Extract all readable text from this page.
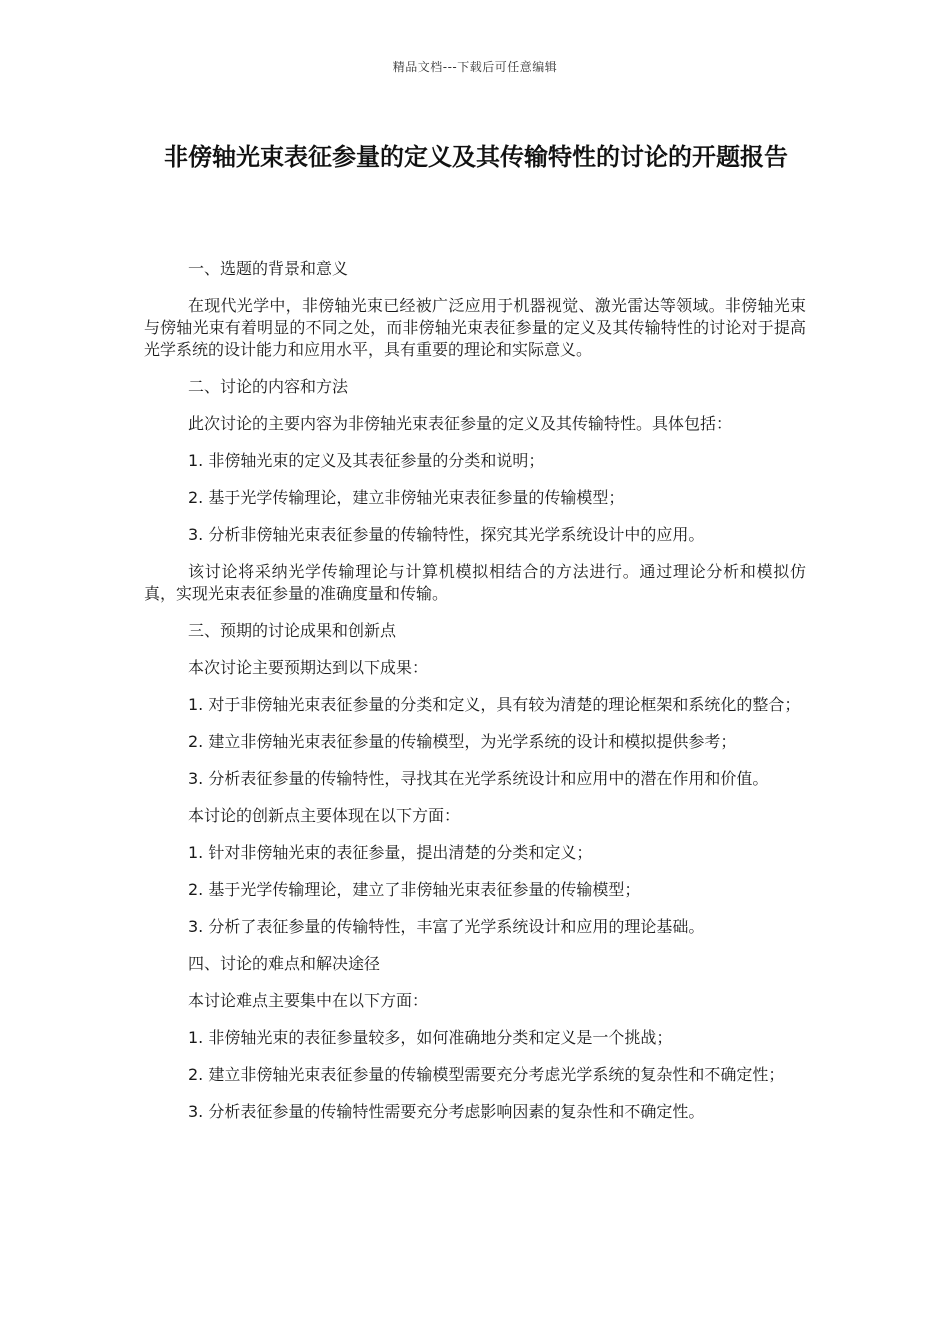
精品文档---下载后可任意编辑
非傍轴光束表征参量的定义及其传输特性的讨论的开题报告
一、选题的背景和意义

在现代光学中，非傍轴光束已经被广泛应用于机器视觉、激光雷达等领域。非傍轴光束与傍轴光束有着明显的不同之处，而非傍轴光束表征参量的定义及其传输特性的讨论对于提高光学系统的设计能力和应用水平，具有重要的理论和实际意义。

二、讨论的内容和方法

此次讨论的主要内容为非傍轴光束表征参量的定义及其传输特性。具体包括：

1. 非傍轴光束的定义及其表征参量的分类和说明；

2. 基于光学传输理论，建立非傍轴光束表征参量的传输模型；

3. 分析非傍轴光束表征参量的传输特性，探究其光学系统设计中的应用。

该讨论将采纳光学传输理论与计算机模拟相结合的方法进行。通过理论分析和模拟仿真，实现光束表征参量的准确度量和传输。

三、预期的讨论成果和创新点

本次讨论主要预期达到以下成果：

1. 对于非傍轴光束表征参量的分类和定义，具有较为清楚的理论框架和系统化的整合；

2. 建立非傍轴光束表征参量的传输模型，为光学系统的设计和模拟提供参考；

3. 分析表征参量的传输特性，寻找其在光学系统设计和应用中的潜在作用和价值。

本讨论的创新点主要体现在以下方面：

1. 针对非傍轴光束的表征参量，提出清楚的分类和定义；

2. 基于光学传输理论，建立了非傍轴光束表征参量的传输模型；

3. 分析了表征参量的传输特性，丰富了光学系统设计和应用的理论基础。

四、讨论的难点和解决途径

本讨论难点主要集中在以下方面：

1. 非傍轴光束的表征参量较多，如何准确地分类和定义是一个挑战；

2. 建立非傍轴光束表征参量的传输模型需要充分考虑光学系统的复杂性和不确定性；

3. 分析表征参量的传输特性需要充分考虑影响因素的复杂性和不确定性。
